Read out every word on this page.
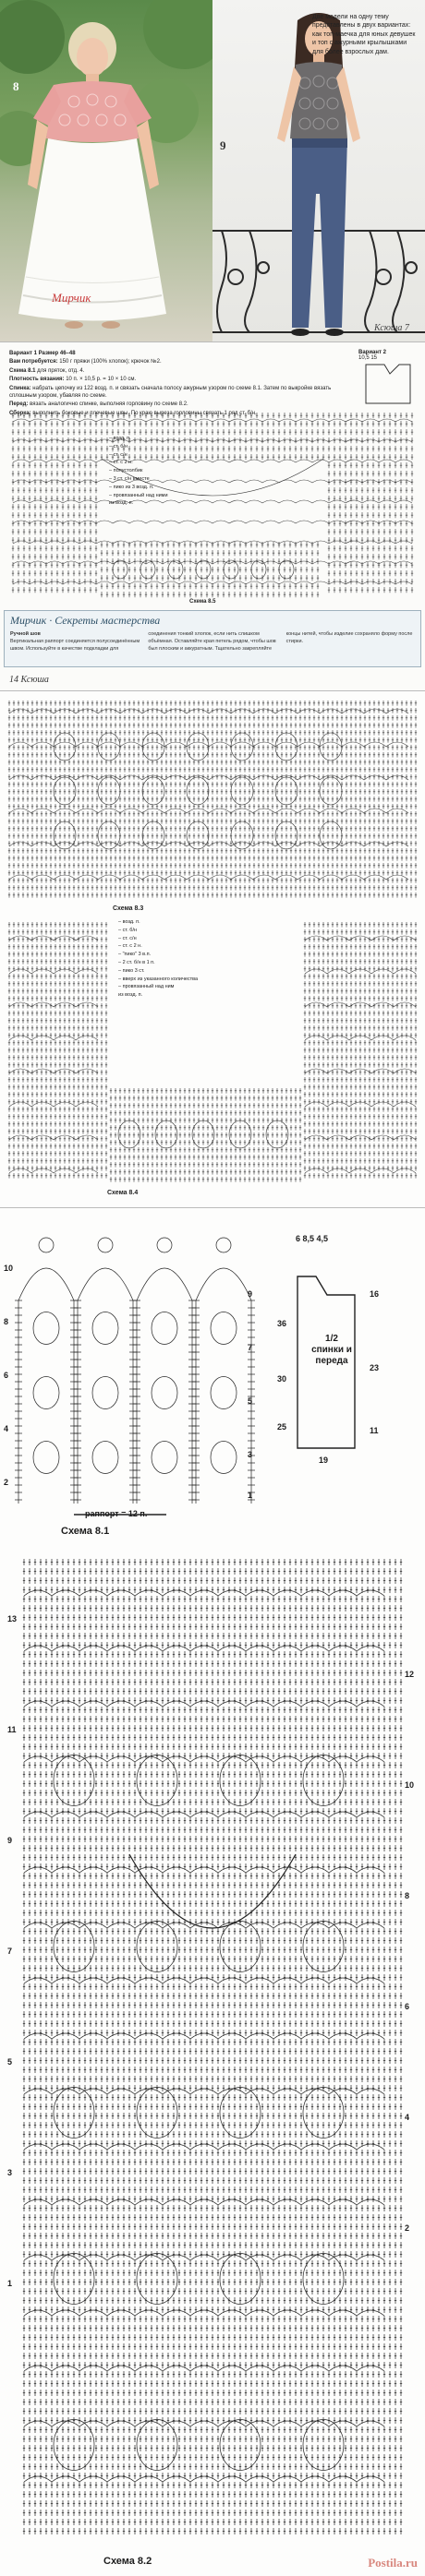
8
Мирчик
9
Ксюша 7
Две модели на одну тему представлены в двух вариантах: как топ-маечка для юных девушек и топ с ажурными крылышками для более взрослых дам.

Вариант 1 Размер 46–48

Вам потребуется: 150 г пряжи (100% хлопок); крючок №2.

Схема 8.1 для пряток, отд. 4.

Плотность вязания: 10 п. × 10,5 р. = 10 × 10 см.

Спинка: набрать цепочку из 122 возд. п. и связать сначала полосу ажурным узором по схеме 8.1. Затем по выкройке вязать сплошным узором, убавляя по схеме.

Перед: вязать аналогично спинке, выполняя горловину по схеме 8.2.

Сборка: выполнить боковые и плечевые швы. По краю выреза горловины связать 1 ряд ст. б/н.

Вариант 2
10,5 15
– возд. п.
– ст. б/н
– ст. с/н
– ст. с 2 н.
– полустолбик
– 3 ст. с/н вместе
– пико из 3 возд. п.
– провязанный над ними
из возд. п.
Схема 8.5
Мирчик · Секреты мастерства
Ручной шов
Вертикальная раппорт соединяется полусоединённым швом. Используйте в качестве подкладки для соединения тонкий хлопок, если нить слишком объёмная. Оставляйте края петель рядом, чтобы шов был плоским и аккуратным. Тщательно закрепляйте концы нитей, чтобы изделие сохраняло форму после стирки.
14 Ксюша
Схема 8.3
– возд. п.
– ст. б/н
– ст. с/н
– ст. с 2 н.
– "пико" 3 в.п.
– 2 ст. б/н в 1 п.
– пико 3 ст.
– вверх из указанного количества
– провязанный над ним
из возд. п.
Схема 8.4
6 8,5 4,5
16
23
11
19
1/2 спинки и переда
10
8
6
4
2
9
7
5
3
1
36
30
25
раппорт = 12 п.
Схема 8.1
13
11
9
7
5
3
1
12
10
8
6
4
2
Схема 8.2	Postila.ru
